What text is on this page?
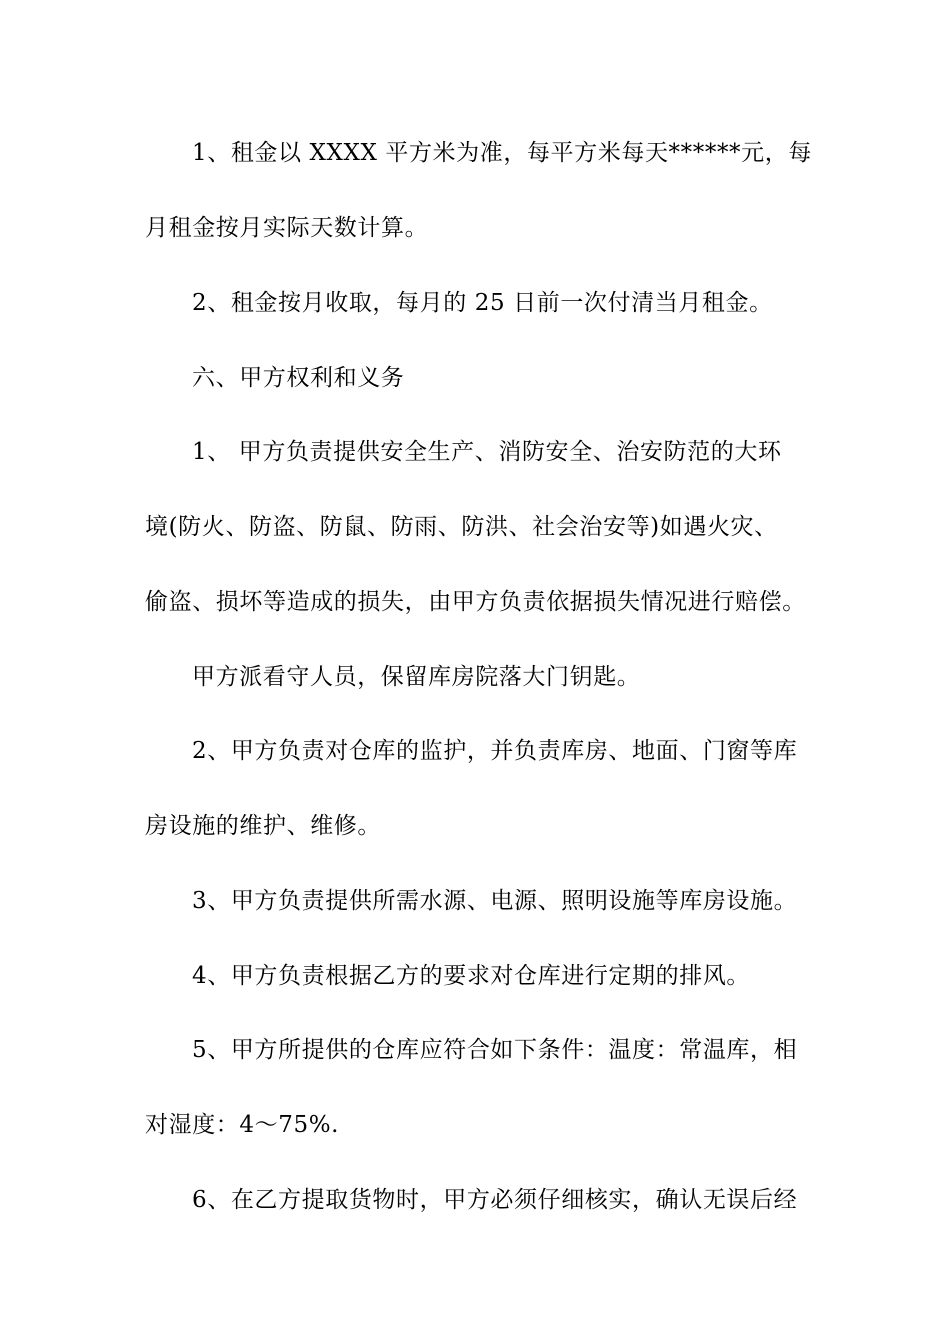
1、租金以 XXXX 平方米为准，每平方米每天******元，每
月租金按月实际天数计算。
2、租金按月收取，每月的 25 日前一次付清当月租金。
六、甲方权利和义务
1、 甲方负责提供安全生产、消防安全、治安防范的大环
境(防火、防盗、防鼠、防雨、防洪、社会治安等)如遇火灾、
偷盗、损坏等造成的损失，由甲方负责依据损失情况进行赔偿。
甲方派看守人员，保留库房院落大门钥匙。
2、甲方负责对仓库的监护，并负责库房、地面、门窗等库
房设施的维护、维修。
3、甲方负责提供所需水源、电源、照明设施等库房设施。
4、甲方负责根据乙方的要求对仓库进行定期的排风。
5、甲方所提供的仓库应符合如下条件：温度：常温库，相
对湿度：4～75%.
6、在乙方提取货物时，甲方必须仔细核实，确认无误后经
